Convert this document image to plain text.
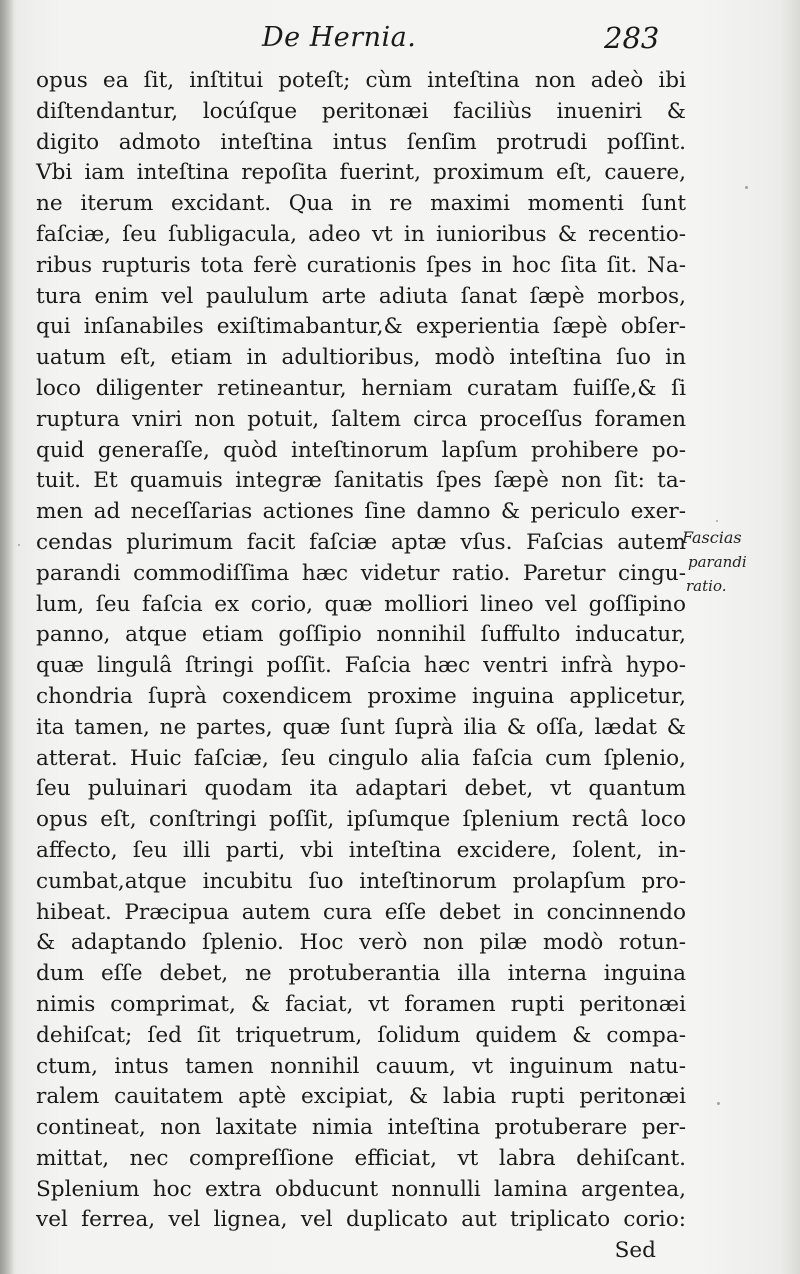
De Hernia.	283
opus ea ſit, inſtitui poteſt; cùm inteſtina non adeò ibi
diſtendantur, locúſque peritonæi faciliùs inueniri &
digito admoto inteſtina intus ſenſim protrudi poſſint.
Vbi iam inteſtina repoſita fuerint, proximum eſt, cauere,
ne iterum excidant. Qua in re maximi momenti ſunt
faſciæ, ſeu ſubligacula, adeo vt in iunioribus & recentio-
ribus rupturis tota ferè curationis ſpes in hoc ſita ſit. Na-
tura enim vel paululum arte adiuta ſanat ſæpè morbos,
qui inſanabiles exiſtimabantur,& experientia ſæpè obſer-
uatum eſt, etiam in adultioribus, modò inteſtina ſuo in
loco diligenter retineantur, herniam curatam fuiſſe,& ſi
ruptura vniri non potuit, ſaltem circa proceſſus foramen
quid generaſſe, quòd inteſtinorum lapſum prohibere po-
tuit. Et quamuis integræ ſanitatis ſpes ſæpè non ſit: ta-
men ad neceſſarias actiones ſine damno & periculo exer-
cendas plurimum facit faſciæ aptæ vſus. Faſcias autem
parandi commodiſſima hæc videtur ratio. Paretur cingu-
lum, ſeu faſcia ex corio, quæ molliori lineo vel goſſipino
panno, atque etiam goſſipio nonnihil ſuffulto inducatur,
quæ lingulâ ſtringi poſſit. Faſcia hæc ventri infrà hypo-
chondria ſuprà coxendicem proxime inguina applicetur,
ita tamen, ne partes, quæ ſunt ſuprà ilia & oſſa, lædat &
atterat. Huic faſciæ, ſeu cingulo alia faſcia cum ſplenio,
ſeu puluinari quodam ita adaptari debet, vt quantum
opus eſt, conſtringi poſſit, ipſumque ſplenium rectâ loco
affecto, ſeu illi parti, vbi inteſtina excidere, ſolent, in-
cumbat,atque incubitu ſuo inteſtinorum prolapſum pro-
hibeat. Præcipua autem cura eſſe debet in concinnendo
& adaptando ſplenio. Hoc verò non pilæ modò rotun-
dum eſſe debet, ne protuberantia illa interna inguina
nimis comprimat, & faciat, vt foramen rupti peritonæi
dehiſcat; ſed ſit triquetrum, ſolidum quidem & compa-
ctum, intus tamen nonnihil cauum, vt inguinum natu-
ralem cauitatem aptè excipiat, & labia rupti peritonæi
contineat, non laxitate nimia inteſtina protuberare per-
mittat, nec compreſſione efficiat, vt labra dehiſcant.
Splenium hoc extra obducunt nonnulli lamina argentea,
vel ferrea, vel lignea, vel duplicato aut triplicato corio:
Sed
Fascias
parandi
ratio.
